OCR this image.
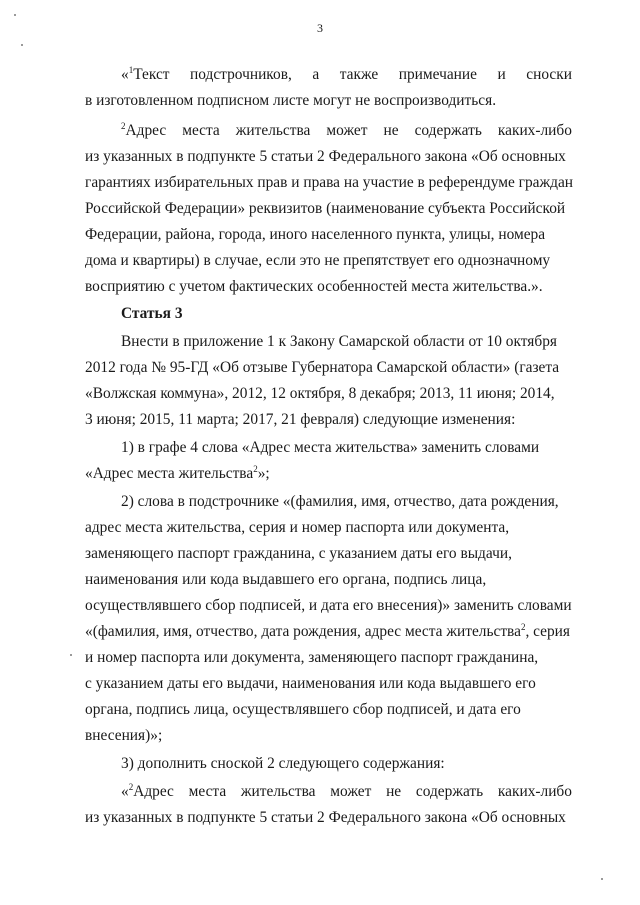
3
«$^1$Текст подстрочников, а также примечание и сноски
в изготовленном подписном листе могут не воспроизводиться.
$^2$Адрес места жительства может не содержать каких-либо
из указанных в подпункте 5 статьи 2 Федерального закона «Об основных
гарантиях избирательных прав и права на участие в референдуме граждан
Российской Федерации» реквизитов (наименование субъекта Российской
Федерации, района, города, иного населенного пункта, улицы, номера
дома и квартиры) в случае, если это не препятствует его однозначному
восприятию с учетом фактических особенностей места жительства.».
Статья 3
Внести в приложение 1 к Закону Самарской области от 10 октября
2012 года № 95-ГД «Об отзыве Губернатора Самарской области» (газета
«Волжская коммуна», 2012, 12 октября, 8 декабря; 2013, 11 июня; 2014,
3 июня; 2015, 11 марта; 2017, 21 февраля) следующие изменения:
1) в графе 4 слова «Адрес места жительства» заменить словами
«Адрес места жительства$^2$»;
2) слова в подстрочнике «(фамилия, имя, отчество, дата рождения,
адрес места жительства, серия и номер паспорта или документа,
заменяющего паспорт гражданина, с указанием даты его выдачи,
наименования или кода выдавшего его органа, подпись лица,
осуществлявшего сбор подписей, и дата его внесения)» заменить словами
«(фамилия, имя, отчество, дата рождения, адрес места жительства$^2$, серия
и номер паспорта или документа, заменяющего паспорт гражданина,
с указанием даты его выдачи, наименования или кода выдавшего его
органа, подпись лица, осуществлявшего сбор подписей, и дата его
внесения)»;
3) дополнить сноской 2 следующего содержания:
«$^2$Адрес места жительства может не содержать каких-либо
из указанных в подпункте 5 статьи 2 Федерального закона «Об основных
